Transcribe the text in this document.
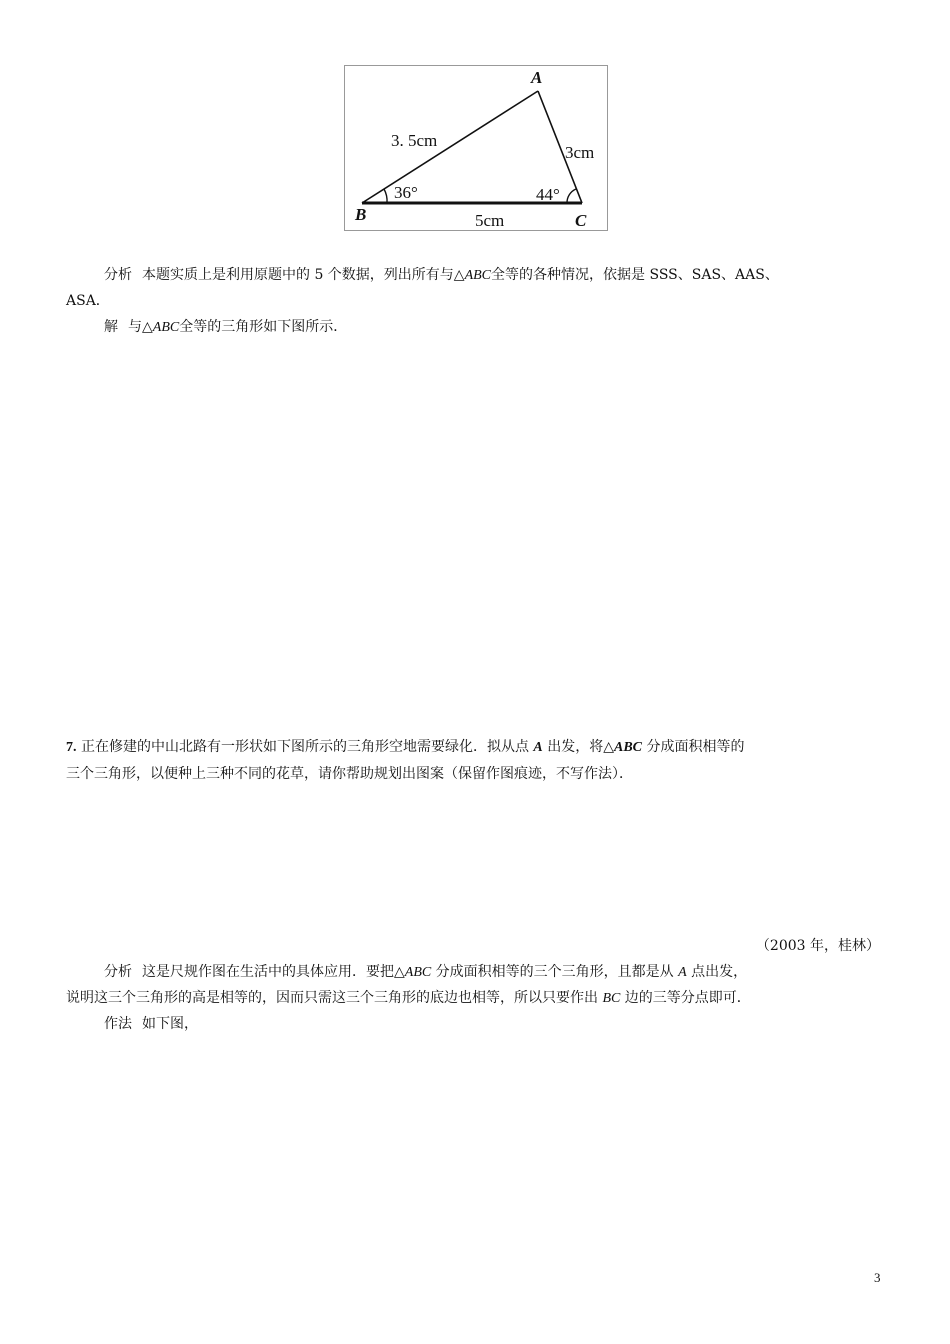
A
B	C
3. 5cm
3cm
5cm
36°	44°
分析 本题实质上是利用原题中的 5 个数据，列出所有与△ABC全等的各种情况，依据是 SSS、SAS、AAS、
ASA．
解 与△ABC全等的三角形如下图所示．
7. 正在修建的中山北路有一形状如下图所示的三角形空地需要绿化．拟从点 A 出发，将△ABC 分成面积相等的
三个三角形，以便种上三种不同的花草，请你帮助规划出图案（保留作图痕迹，不写作法）．
（2003 年，桂林）
分析 这是尺规作图在生活中的具体应用．要把△ABC 分成面积相等的三个三角形，且都是从 A 点出发，
说明这三个三角形的高是相等的，因而只需这三个三角形的底边也相等，所以只要作出 BC 边的三等分点即可．
作法 如下图，
3
